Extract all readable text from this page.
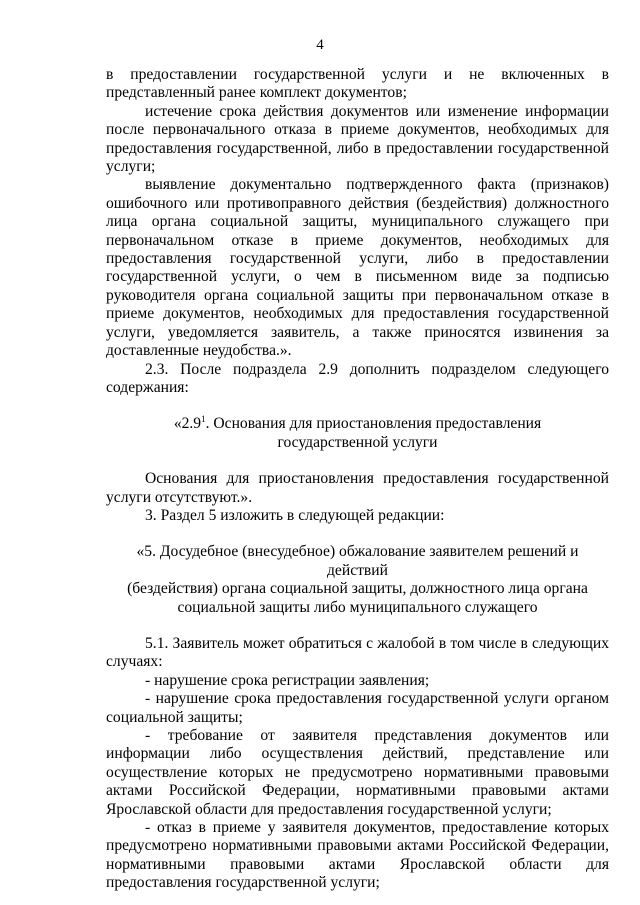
4

в предоставлении государственной услуги и не включенных в представленный ранее комплект документов;

истечение срока действия документов или изменение информации после первоначального отказа в приеме документов, необходимых для предоставления государственной, либо в предоставлении государственной услуги;

выявление документально подтвержденного факта (признаков) ошибочного или противоправного действия (бездействия) должностного лица органа социальной защиты, муниципального служащего при первоначальном отказе в приеме документов, необходимых для предоставления государственной услуги, либо в предоставлении государственной услуги, о чем в письменном виде за подписью руководителя органа социальной защиты при первоначальном отказе в приеме документов, необходимых для предоставления государственной услуги, уведомляется заявитель, а также приносятся извинения за доставленные неудобства.».

2.3. После подраздела 2.9 дополнить подразделом следующего содержания:

«$2.9^1$. Основания для приостановления предоставления
государственной услуги

Основания для приостановления предоставления государственной услуги отсутствуют.».

3. Раздел 5 изложить в следующей редакции:

«5. Досудебное (внесудебное) обжалование заявителем решений и действий
(бездействия) органа социальной защиты, должностного лица органа
социальной защиты либо муниципального служащего

5.1. Заявитель может обратиться с жалобой в том числе в следующих случаях:

- нарушение срока регистрации заявления;

- нарушение срока предоставления государственной услуги органом социальной защиты;

- требование от заявителя представления документов или информации либо осуществления действий, представление или осуществление которых не предусмотрено нормативными правовыми актами Российской Федерации, нормативными правовыми актами Ярославской области для предоставления государственной услуги;

- отказ в приеме у заявителя документов, предоставление которых предусмотрено нормативными правовыми актами Российской Федерации, нормативными правовыми актами Ярославской области для предоставления государственной услуги;
